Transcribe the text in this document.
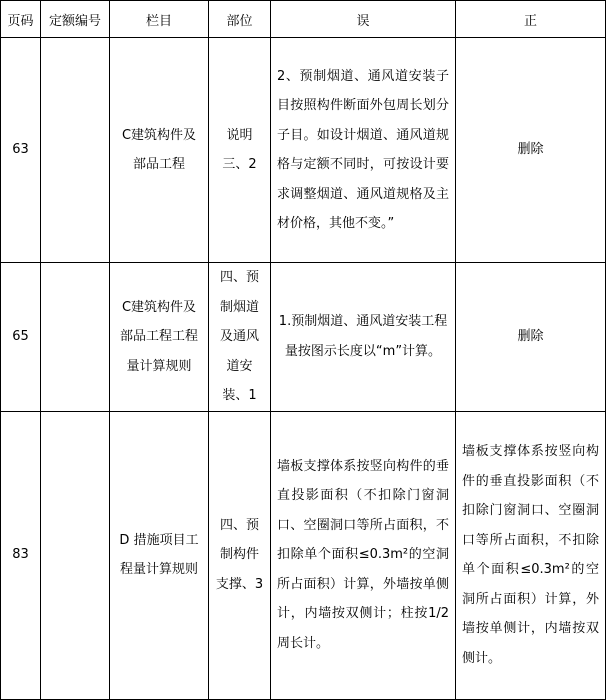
页码	定额编号	栏目	部位	误	正

63		C建筑构件及部品工程	说明三、2	2、预制烟道、通风道安装子目按照构件断面外包周长划分子目。如设计烟道、通风道规格与定额不同时，可按设计要求调整烟道、通风道规格及主材价格，其他不变。”	删除

65		C建筑构件及部品工程工程量计算规则	四、预制烟道及通风道安装、1	1.预制烟道、通风道安装工程量按图示长度以“m”计算。	删除

83		D 措施项目工程量计算规则	四、预制构件支撑、3	墙板支撑体系按竖向构件的垂直投影面积（不扣除门窗洞口、空圈洞口等所占面积，不扣除单个面积≤0.3m²的空洞所占面积）计算，外墙按单侧计，内墙按双侧计；柱按1/2周长计。	墙板支撑体系按竖向构件的垂直投影面积（不扣除门窗洞口、空圈洞口等所占面积，不扣除单个面积≤0.3m²的空洞所占面积）计算，外墙按单侧计，内墙按双侧计。
